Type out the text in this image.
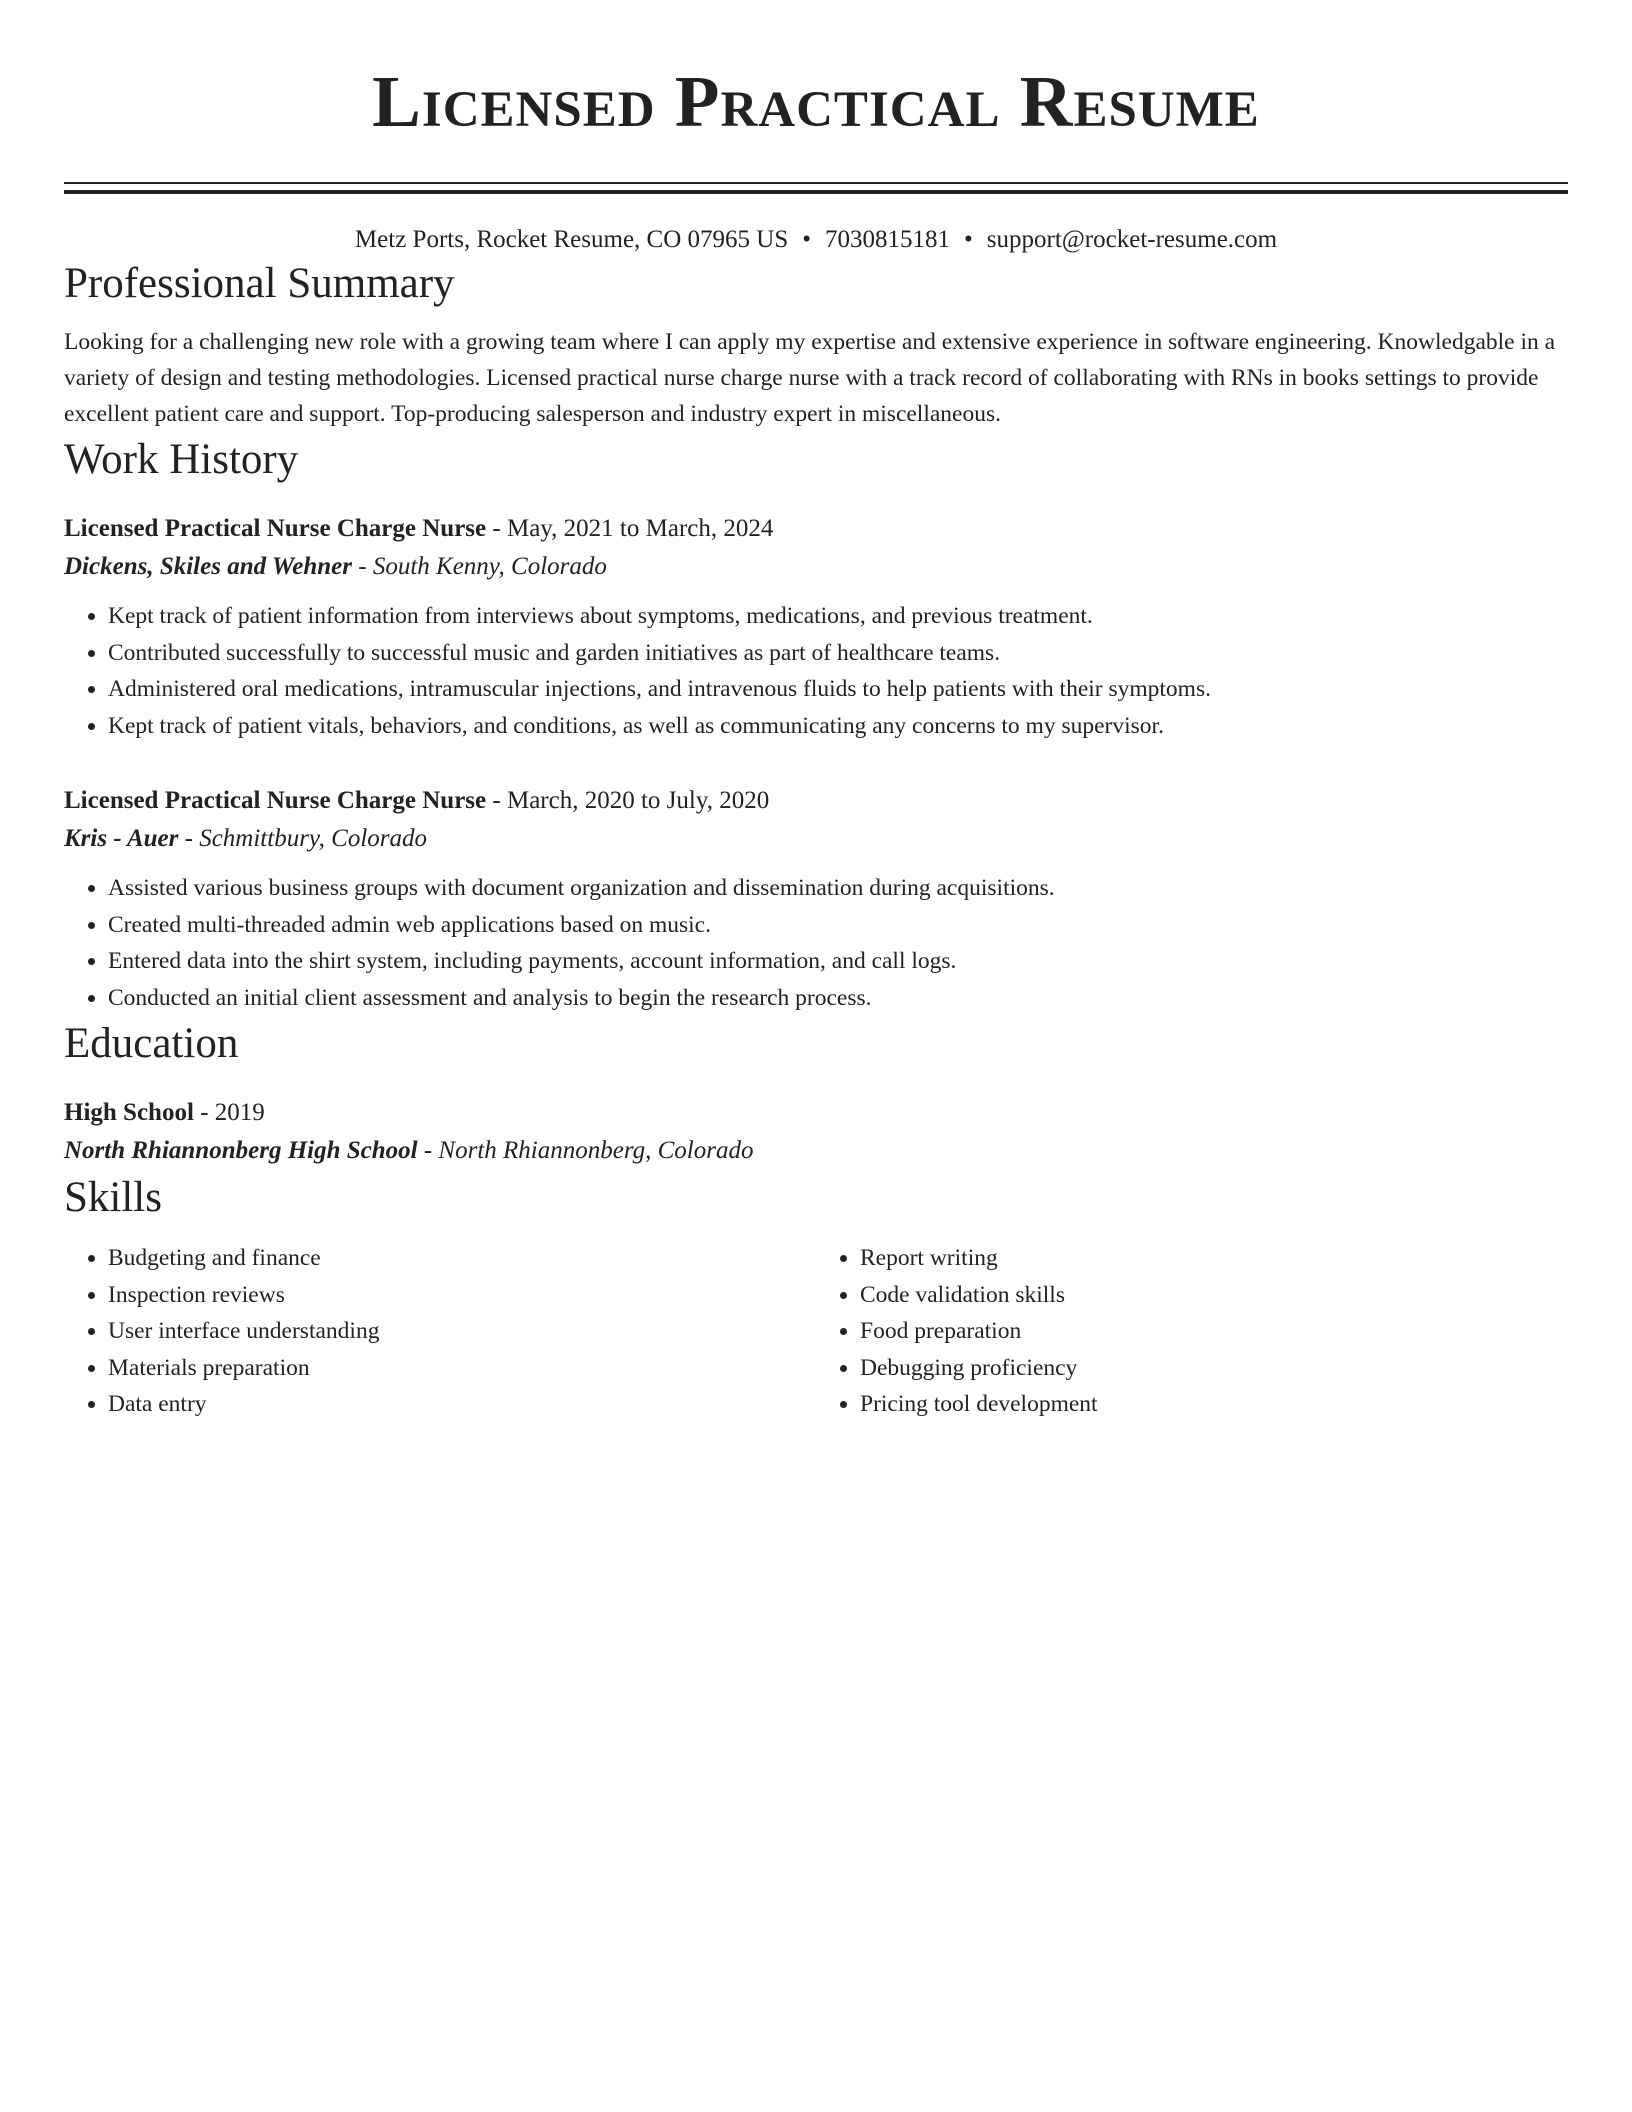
Licensed Practical Resume
Metz Ports, Rocket Resume, CO 07965 US • 7030815181 • support@rocket-resume.com
Professional Summary
Looking for a challenging new role with a growing team where I can apply my expertise and extensive experience in software engineering. Knowledgable in a variety of design and testing methodologies. Licensed practical nurse charge nurse with a track record of collaborating with RNs in books settings to provide excellent patient care and support. Top-producing salesperson and industry expert in miscellaneous.
Work History
Licensed Practical Nurse Charge Nurse - May, 2021 to March, 2024
Dickens, Skiles and Wehner - South Kenny, Colorado
• Kept track of patient information from interviews about symptoms, medications, and previous treatment.
• Contributed successfully to successful music and garden initiatives as part of healthcare teams.
• Administered oral medications, intramuscular injections, and intravenous fluids to help patients with their symptoms.
• Kept track of patient vitals, behaviors, and conditions, as well as communicating any concerns to my supervisor.
Licensed Practical Nurse Charge Nurse - March, 2020 to July, 2020
Kris - Auer - Schmittbury, Colorado
• Assisted various business groups with document organization and dissemination during acquisitions.
• Created multi-threaded admin web applications based on music.
• Entered data into the shirt system, including payments, account information, and call logs.
• Conducted an initial client assessment and analysis to begin the research process.
Education
High School - 2019
North Rhiannonberg High School - North Rhiannonberg, Colorado
Skills
• Budgeting and finance
• Inspection reviews
• User interface understanding
• Materials preparation
• Data entry
• Report writing
• Code validation skills
• Food preparation
• Debugging proficiency
• Pricing tool development
